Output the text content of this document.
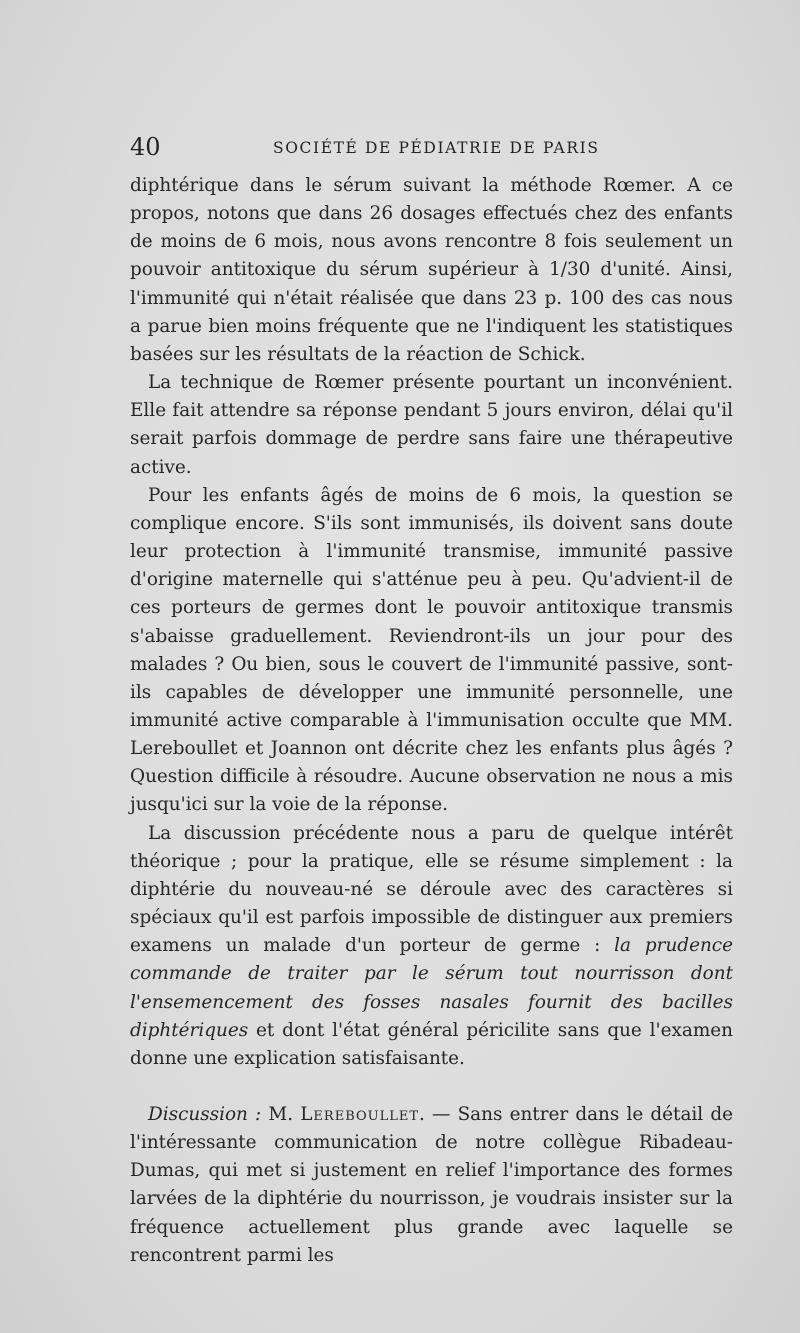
40	SOCIÉTÉ DE PÉDIATRIE DE PARIS

diphtérique dans le sérum suivant la méthode Rœmer. A ce propos, notons que dans 26 dosages effectués chez des enfants de moins de 6 mois, nous avons rencontre 8 fois seulement un pouvoir antitoxique du sérum supérieur à 1/30 d'unité. Ainsi, l'immunité qui n'était réalisée que dans 23 p. 100 des cas nous a parue bien moins fréquente que ne l'indiquent les statistiques basées sur les résultats de la réaction de Schick.

La technique de Rœmer présente pourtant un inconvénient. Elle fait attendre sa réponse pendant 5 jours environ, délai qu'il serait parfois dommage de perdre sans faire une thérapeutive active.

Pour les enfants âgés de moins de 6 mois, la question se complique encore. S'ils sont immunisés, ils doivent sans doute leur protection à l'immunité transmise, immunité passive d'origine maternelle qui s'atténue peu à peu. Qu'advient-il de ces porteurs de germes dont le pouvoir antitoxique transmis s'abaisse graduellement. Reviendront-ils un jour pour des malades ? Ou bien, sous le couvert de l'immunité passive, sont-ils capables de développer une immunité personnelle, une immunité active comparable à l'immunisation occulte que MM. Lereboullet et Joannon ont décrite chez les enfants plus âgés ? Question difficile à résoudre. Aucune observation ne nous a mis jusqu'ici sur la voie de la réponse.

La discussion précédente nous a paru de quelque intérêt théorique ; pour la pratique, elle se résume simplement : la diphtérie du nouveau-né se déroule avec des caractères si spéciaux qu'il est parfois impossible de distinguer aux premiers examens un malade d'un porteur de germe : la prudence commande de traiter par le sérum tout nourrisson dont l'ensemencement des fosses nasales fournit des bacilles diphtériques et dont l'état général péricilite sans que l'examen donne une explication satisfaisante.

Discussion : M. Lereboullet. — Sans entrer dans le détail de l'intéressante communication de notre collègue Ribadeau-Dumas, qui met si justement en relief l'importance des formes larvées de la diphtérie du nourrisson, je voudrais insister sur la fréquence actuellement plus grande avec laquelle se rencontrent parmi les
